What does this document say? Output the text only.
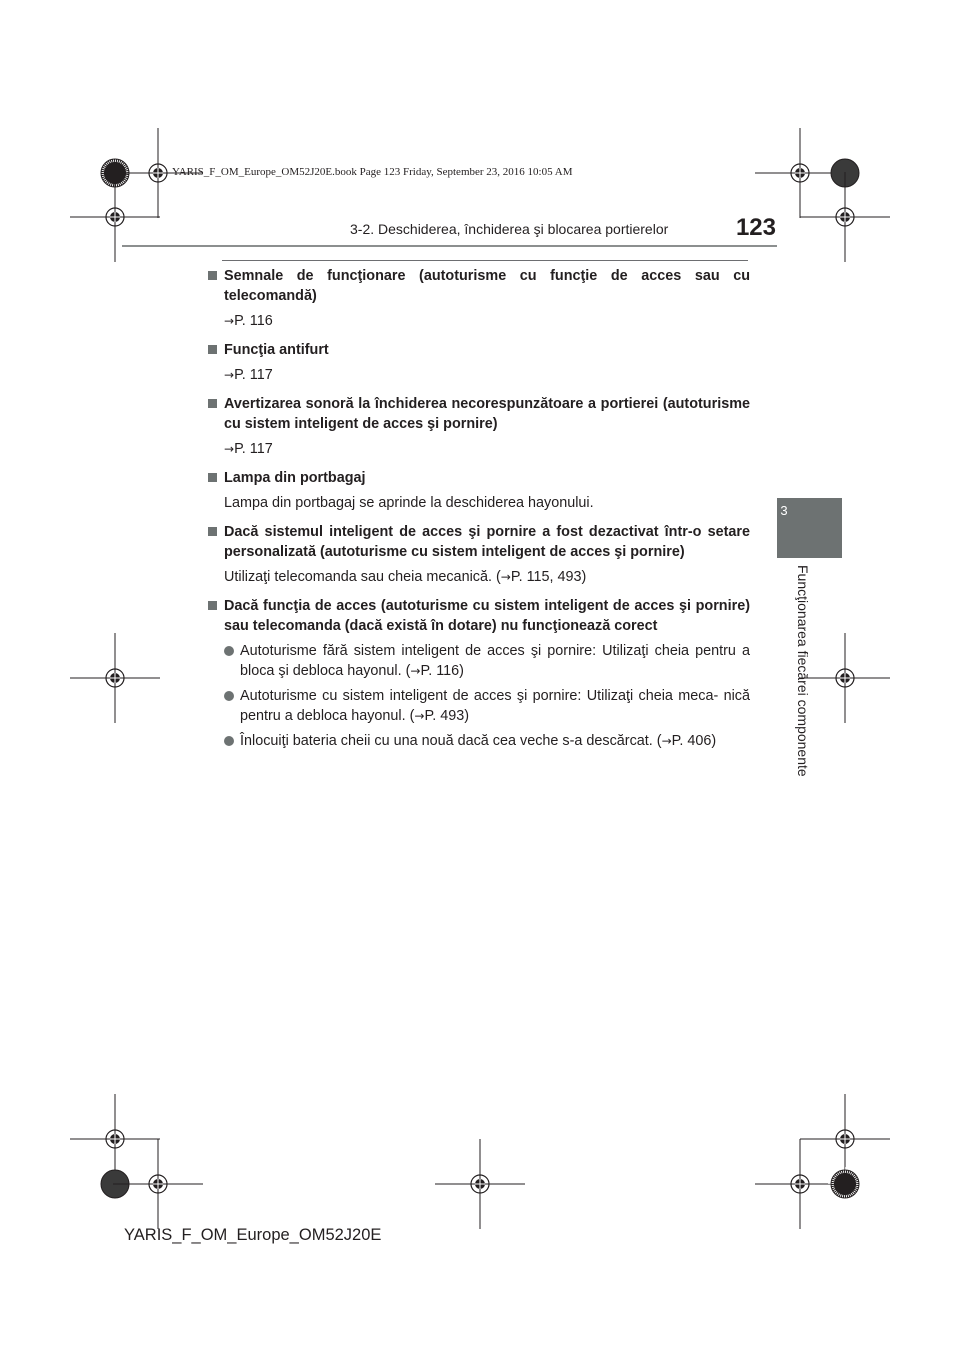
YARIS_F_OM_Europe_OM52J20E.book Page 123 Friday, September 23, 2016 10:05 AM
3-2. Deschiderea, închiderea şi blocarea portierelor	123
3
Funcţionarea fiecărei componente
Semnale de funcţionare (autoturisme cu funcţie de acces sau cu telecomandă)
→P. 116
Funcţia antifurt
→P. 117
Avertizarea sonoră la închiderea necorespunzătoare a portierei (autoturisme cu sistem inteligent de acces şi pornire)
→P. 117
Lampa din portbagaj
Lampa din portbagaj se aprinde la deschiderea hayonului.
Dacă sistemul inteligent de acces şi pornire a fost dezactivat într-o setare personalizată (autoturisme cu sistem inteligent de acces şi pornire)
Utilizaţi telecomanda sau cheia mecanică. (→P. 115, 493)
Dacă funcţia de acces (autoturisme cu sistem inteligent de acces şi pornire) sau telecomanda (dacă există în dotare) nu funcţionează corect
Autoturisme fără sistem inteligent de acces şi pornire: Utilizaţi cheia pentru a bloca şi debloca hayonul. (→P. 116)
Autoturisme cu sistem inteligent de acces şi pornire: Utilizaţi cheia meca- nică pentru a debloca hayonul. (→P. 493)
Înlocuiţi bateria cheii cu una nouă dacă cea veche s-a descărcat. (→P. 406)
YARIS_F_OM_Europe_OM52J20E
